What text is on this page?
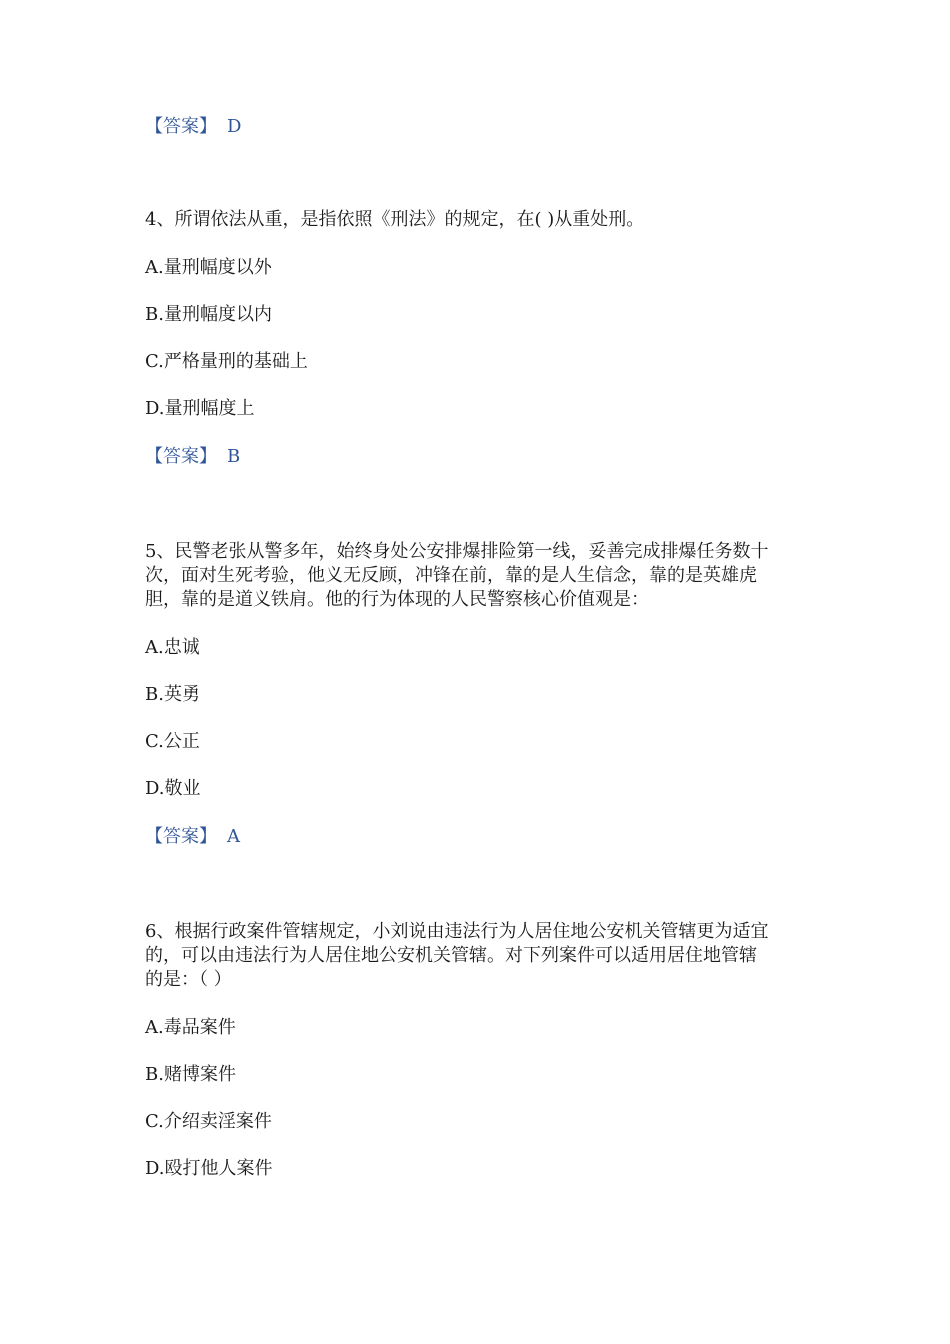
【答案】 D
4、所谓依法从重，是指依照《刑法》的规定，在( )从重处刑。
A.量刑幅度以外
B.量刑幅度以内
C.严格量刑的基础上
D.量刑幅度上
【答案】 B
5、民警老张从警多年，始终身处公安排爆排险第一线，妥善完成排爆任务数十
次，面对生死考验，他义无反顾，冲锋在前，靠的是人生信念，靠的是英雄虎
胆，靠的是道义铁肩。他的行为体现的人民警察核心价值观是：
A.忠诚
B.英勇
C.公正
D.敬业
【答案】 A
6、根据行政案件管辖规定，小刘说由违法行为人居住地公安机关管辖更为适宜
的，可以由违法行为人居住地公安机关管辖。对下列案件可以适用居住地管辖
的是：（ ）
A.毒品案件
B.赌博案件
C.介绍卖淫案件
D.殴打他人案件
